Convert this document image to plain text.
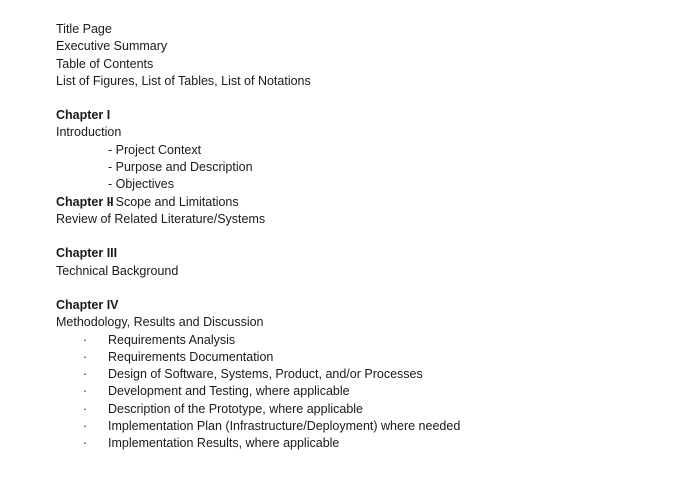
Title Page
Executive Summary
Table of Contents
List of Figures, List of Tables, List of Notations
Chapter I
Introduction
- Project Context
- Purpose and Description
- Objectives
- Scope and Limitations
Chapter II
Review of Related Literature/Systems
Chapter III
Technical Background
Chapter IV
Methodology, Results and Discussion
· Requirements Analysis
· Requirements Documentation
· Design of Software, Systems, Product, and/or Processes
· Development and Testing, where applicable
· Description of the Prototype, where applicable
· Implementation Plan (Infrastructure/Deployment) where needed
· Implementation Results, where applicable
